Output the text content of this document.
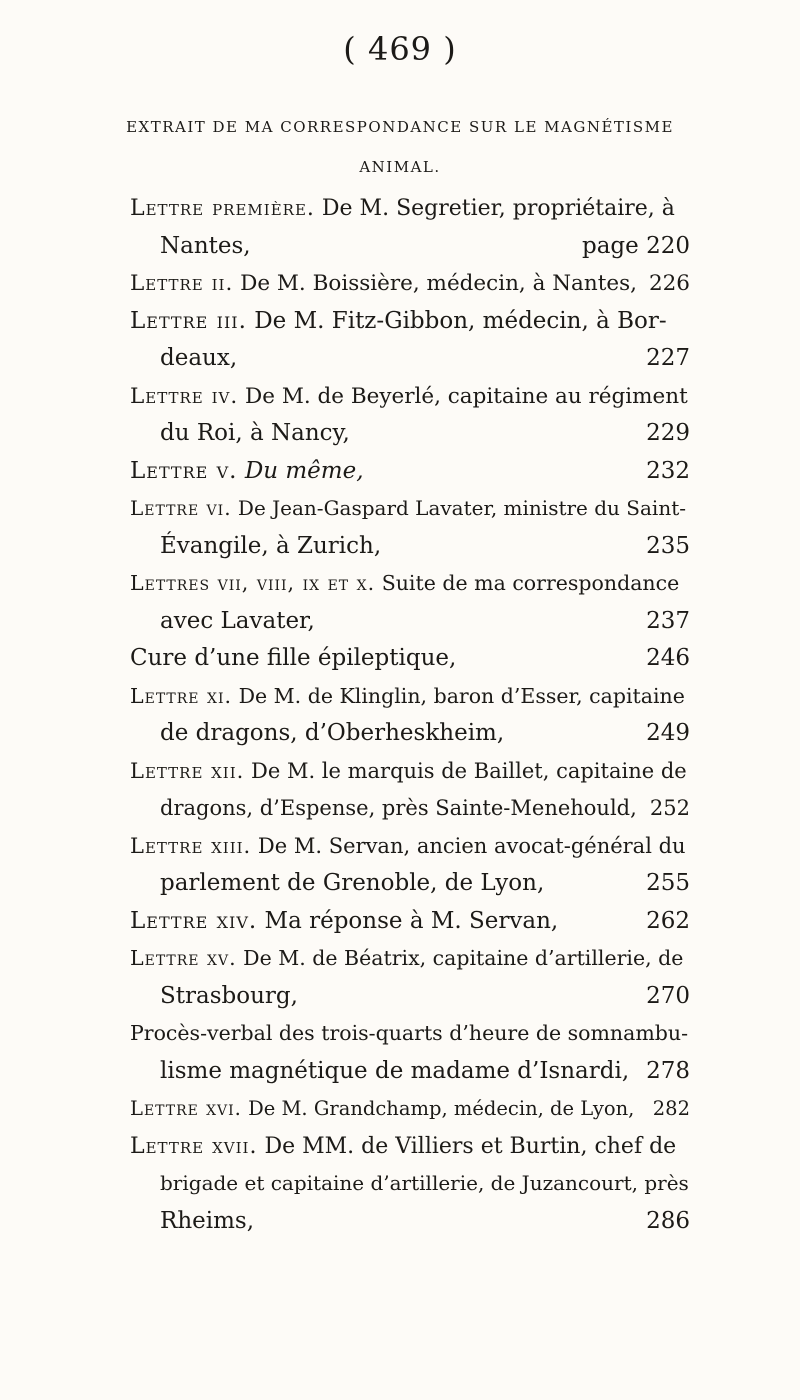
( 469 )
EXTRAIT DE MA CORRESPONDANCE SUR LE MAGNÉTISME
ANIMAL.
Lettre première. De M. Segretier, propriétaire, à
Nantes,	page 220
Lettre ii. De M. Boissière, médecin, à Nantes, 226
Lettre iii. De M. Fitz-Gibbon, médecin, à Bor-
deaux,	227
Lettre iv. De M. de Beyerlé, capitaine au régiment
du Roi, à Nancy,	229
Lettre v. Du même,	232
Lettre vi. De Jean-Gaspard Lavater, ministre du Saint-
Évangile, à Zurich,	235
Lettres vii, viii, ix et x. Suite de ma correspondance
avec Lavater,	237
Cure d’une fille épileptique,	246
Lettre xi. De M. de Klinglin, baron d’Esser, capitaine
de dragons, d’Oberheskheim,	249
Lettre xii. De M. le marquis de Baillet, capitaine de
dragons, d’Espense, près Sainte-Menehould, 252
Lettre xiii. De M. Servan, ancien avocat-général du
parlement de Grenoble, de Lyon,	255
Lettre xiv. Ma réponse à M. Servan,	262
Lettre xv. De M. de Béatrix, capitaine d’artillerie, de
Strasbourg,	270
Procès-verbal des trois-quarts d’heure de somnambu-
lisme magnétique de madame d’Isnardi, 278
Lettre xvi. De M. Grandchamp, médecin, de Lyon, 282
Lettre xvii. De MM. de Villiers et Burtin, chef de
brigade et capitaine d’artillerie, de Juzancourt, près
Rheims,	286
